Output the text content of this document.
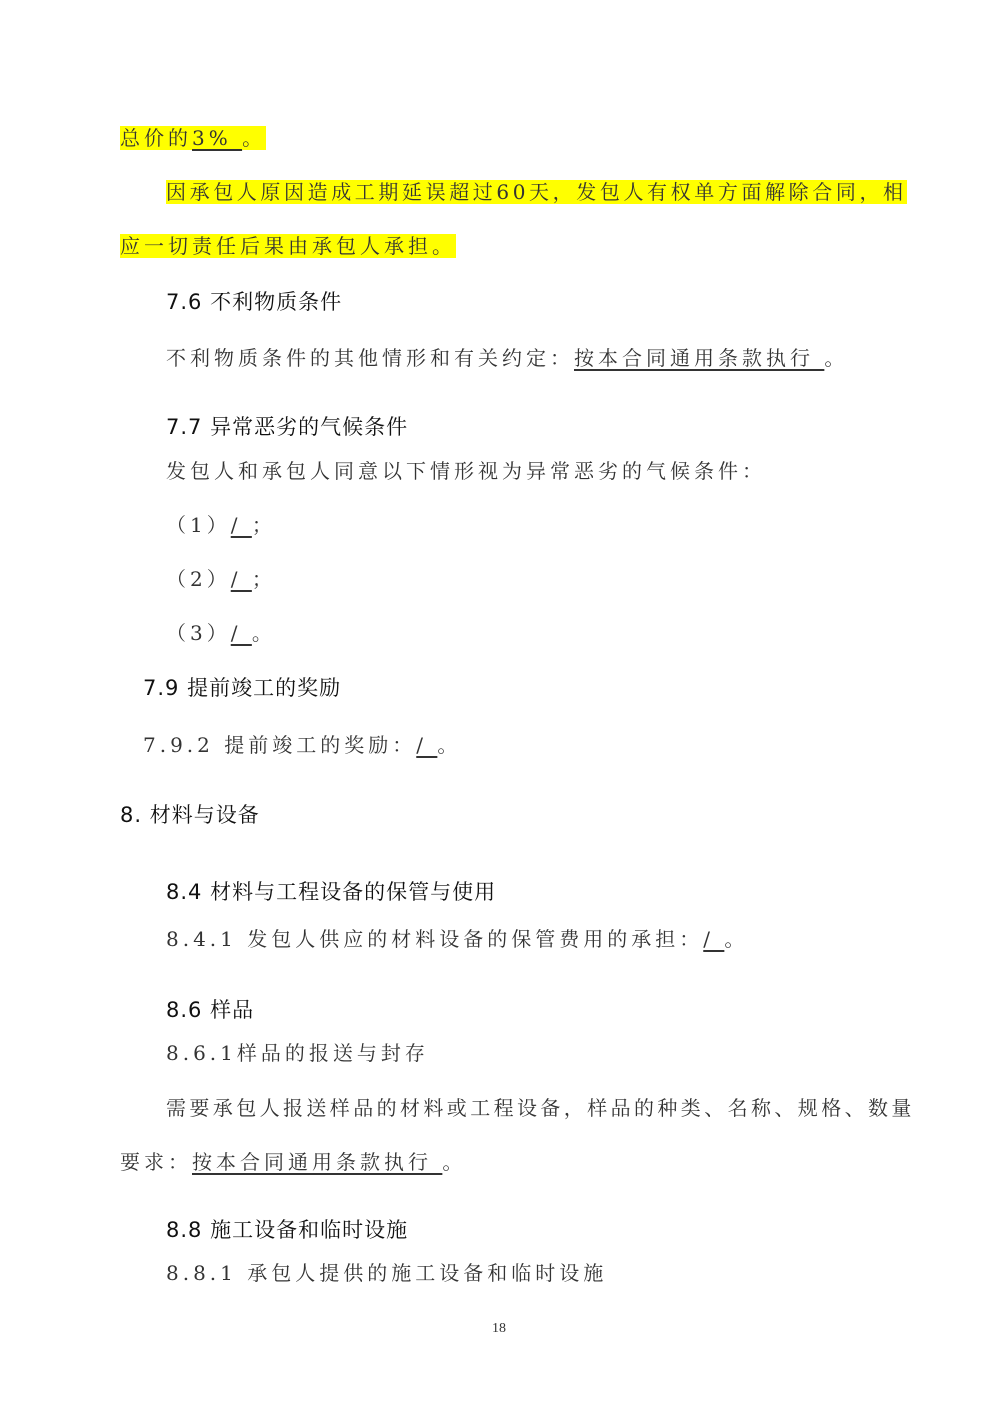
总价的3% 。
因承包人原因造成工期延误超过60天，发包人有权单方面解除合同，相
应一切责任后果由承包人承担。
7.6 不利物质条件
不利物质条件的其他情形和有关约定：按本合同通用条款执行 。
7.7 异常恶劣的气候条件
发包人和承包人同意以下情形视为异常恶劣的气候条件：
（1）/ ；
（2）/ ；
（3）/ 。
7.9 提前竣工的奖励
7.9.2 提前竣工的奖励：/ 。
8. 材料与设备
8.4 材料与工程设备的保管与使用
8.4.1 发包人供应的材料设备的保管费用的承担：/ 。
8.6 样品
8.6.1样品的报送与封存
需要承包人报送样品的材料或工程设备，样品的种类、名称、规格、数量
要求：按本合同通用条款执行 。
8.8 施工设备和临时设施
8.8.1 承包人提供的施工设备和临时设施
18
